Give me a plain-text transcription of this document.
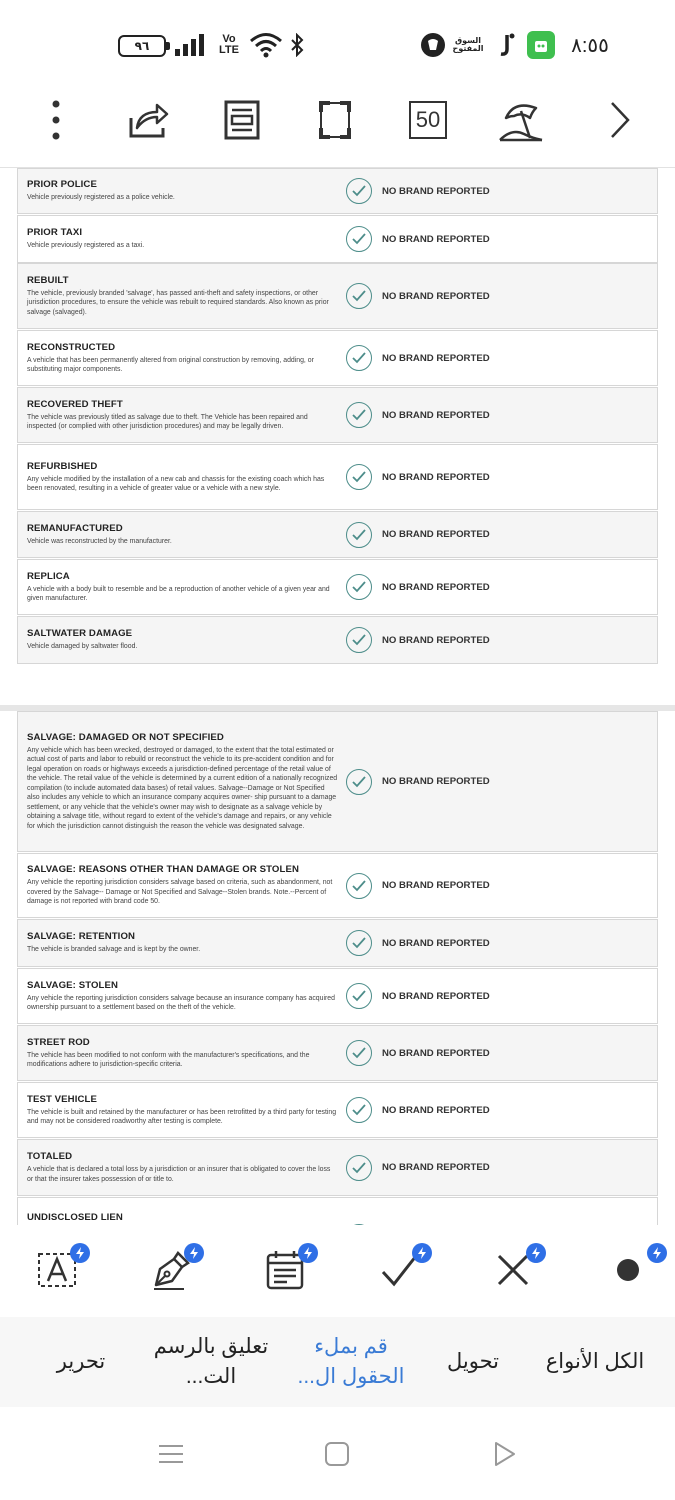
٩٦	Vo
LTE
السوق
المفتوح	٨:٥٥
50
PRIOR POLICE
Vehicle previously registered as a police vehicle.
NO BRAND REPORTED
PRIOR TAXI
Vehicle previously registered as a taxi.
NO BRAND REPORTED
REBUILT
The vehicle, previously branded 'salvage', has passed anti-theft and safety inspections, or other jurisdiction procedures, to ensure the vehicle was rebuilt to required standards. Also known as prior salvage (salvaged).
NO BRAND REPORTED
RECONSTRUCTED
A vehicle that has been permanently altered from original construction by removing, adding, or substituting major components.
NO BRAND REPORTED
RECOVERED THEFT
The vehicle was previously titled as salvage due to theft. The Vehicle has been repaired and inspected (or complied with other jurisdiction procedures) and may be legally driven.
NO BRAND REPORTED
REFURBISHED
Any vehicle modified by the installation of a new cab and chassis for the existing coach which has been renovated, resulting in a vehicle of greater value or a vehicle with a new style.
NO BRAND REPORTED
REMANUFACTURED
Vehicle was reconstructed by the manufacturer.
NO BRAND REPORTED
REPLICA
A vehicle with a body built to resemble and be a reproduction of another vehicle of a given year and given manufacturer.
NO BRAND REPORTED
SALTWATER DAMAGE
Vehicle damaged by saltwater flood.
NO BRAND REPORTED
SALVAGE: DAMAGED OR NOT SPECIFIED
Any vehicle which has been wrecked, destroyed or damaged, to the extent that the total estimated or actual cost of parts and labor to rebuild or reconstruct the vehicle to its pre-accident condition and for legal operation on roads or highways exceeds a jurisdiction-defined percentage of the retail value of the vehicle. The retail value of the vehicle is determined by a current edition of a nationally recognized compilation (to include automated data bases) of retail values. Salvage--Damage or Not Specified also includes any vehicle to which an insurance company acquires owner- ship pursuant to a damage settlement, or any vehicle that the vehicle's owner may wish to designate as a salvage vehicle by obtaining a salvage title, without regard to extent of the vehicle's damage and repairs, or any vehicle for which the jurisdiction cannot distinguish the reason the vehicle was designated salvage.
NO BRAND REPORTED
SALVAGE: REASONS OTHER THAN DAMAGE OR STOLEN
Any vehicle the reporting jurisdiction considers salvage based on criteria, such as abandonment, not covered by the Salvage-- Damage or Not Specified and Salvage--Stolen brands. Note.--Percent of damage is not reported with brand code 50.
NO BRAND REPORTED
SALVAGE: RETENTION
The vehicle is branded salvage and is kept by the owner.
NO BRAND REPORTED
SALVAGE: STOLEN
Any vehicle the reporting jurisdiction considers salvage because an insurance company has acquired ownership pursuant to a settlement based on the theft of the vehicle.
NO BRAND REPORTED
STREET ROD
The vehicle has been modified to not conform with the manufacturer's specifications, and the modifications adhere to jurisdiction-specific criteria.
NO BRAND REPORTED
TEST VEHICLE
The vehicle is built and retained by the manufacturer or has been retrofitted by a third party for testing and may not be considered roadworthy after testing is complete.
NO BRAND REPORTED
TOTALED
A vehicle that is declared a total loss by a jurisdiction or an insurer that is obligated to cover the loss or that the insurer takes possession of or title to.
NO BRAND REPORTED
UNDISCLOSED LIEN
الكل الأنواع
تحويل
قم بملء الحقول ال...
تعليق بالرسم الت...
تحرير
